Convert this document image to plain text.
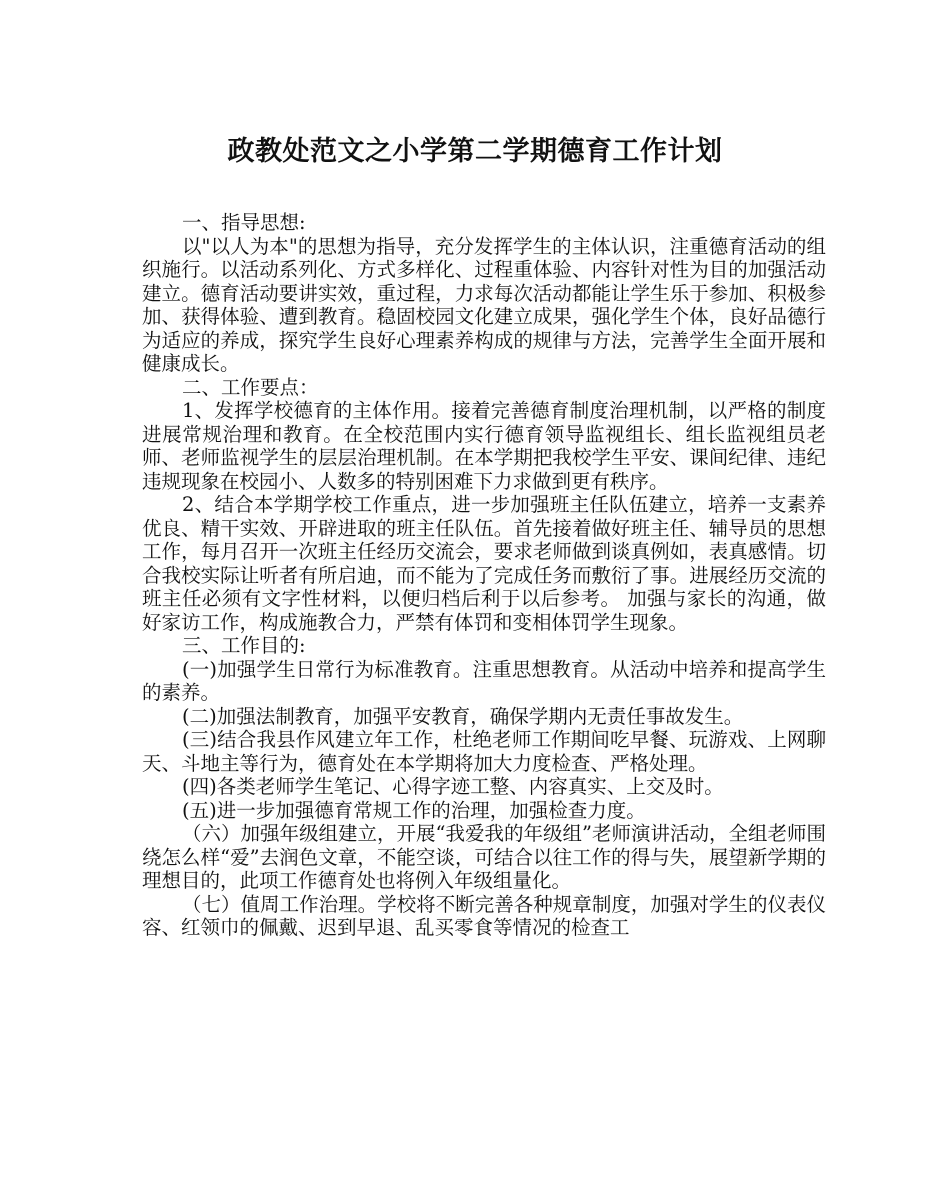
政教处范文之小学第二学期德育工作计划

一、指导思想:

以"以人为本"的思想为指导，充分发挥学生的主体认识，注重德育活动的组织施行。以活动系列化、方式多样化、过程重体验、内容针对性为目的加强活动建立。德育活动要讲实效，重过程，力求每次活动都能让学生乐于参加、积极参加、获得体验、遭到教育。稳固校园文化建立成果，强化学生个体，良好品德行为适应的养成，探究学生良好心理素养构成的规律与方法，完善学生全面开展和健康成长。

二、工作要点：

1、发挥学校德育的主体作用。接着完善德育制度治理机制，以严格的制度进展常规治理和教育。在全校范围内实行德育领导监视组长、组长监视组员老师、老师监视学生的层层治理机制。在本学期把我校学生平安、课间纪律、违纪违规现象在校园小、人数多的特别困难下力求做到更有秩序。

2、结合本学期学校工作重点，进一步加强班主任队伍建立，培养一支素养优良、精干实效、开辟进取的班主任队伍。首先接着做好班主任、辅导员的思想工作，每月召开一次班主任经历交流会，要求老师做到谈真例如，表真感情。切合我校实际让听者有所启迪，而不能为了完成任务而敷衍了事。进展经历交流的班主任必须有文字性材料，以便归档后利于以后参考。 加强与家长的沟通，做好家访工作，构成施教合力，严禁有体罚和变相体罚学生现象。

三、工作目的:

(一)加强学生日常行为标准教育。注重思想教育。从活动中培养和提高学生的素养。

(二)加强法制教育，加强平安教育，确保学期内无责任事故发生。

(三)结合我县作风建立年工作，杜绝老师工作期间吃早餐、玩游戏、上网聊天、斗地主等行为，德育处在本学期将加大力度检查、严格处理。

(四)各类老师学生笔记、心得字迹工整、内容真实、上交及时。

(五)进一步加强德育常规工作的治理，加强检查力度。

（六）加强年级组建立，开展“我爱我的年级组”老师演讲活动，全组老师围绕怎么样“爱”去润色文章，不能空谈，可结合以往工作的得与失，展望新学期的理想目的，此项工作德育处也将例入年级组量化。

（七）值周工作治理。学校将不断完善各种规章制度，加强对学生的仪表仪容、红领巾的佩戴、迟到早退、乱买零食等情况的检查工
